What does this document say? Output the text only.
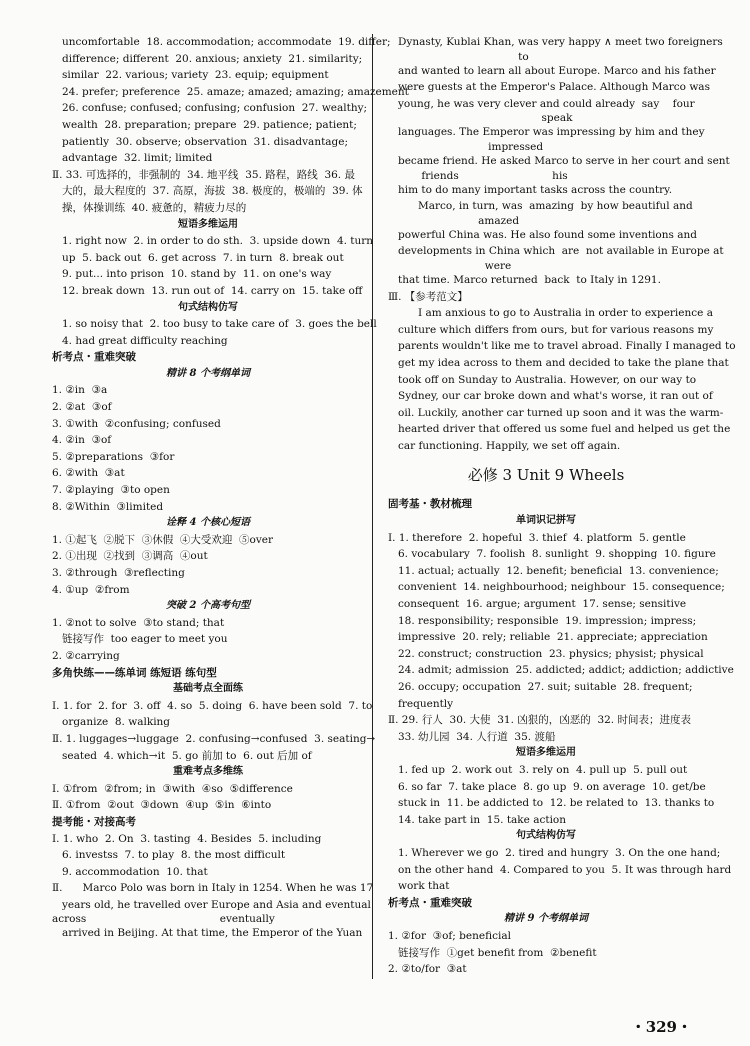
uncomfortable  18. accommodation; accommodate  19. differ;
difference; different  20. anxious; anxiety  21. similarity;
similar  22. various; variety  23. equip; equipment
24. prefer; preference  25. amaze; amazed; amazing; amazement
26. confuse; confused; confusing; confusion  27. wealthy;
wealth  28. preparation; prepare  29. patience; patient;
patiently  30. observe; observation  31. disadvantage;
advantage  32. limit; limited
Ⅱ. 33. 可选择的，非强制的  34. 地平线  35. 路程，路线  36. 最
大的，最大程度的  37. 高原，海拔  38. 极度的，极端的  39. 体
操，体操训练  40. 疲惫的，精疲力尽的
短语多维运用
1. right now  2. in order to do sth.  3. upside down  4. turn
up  5. back out  6. get across  7. in turn  8. break out
9. put... into prison  10. stand by  11. on one's way
12. break down  13. run out of  14. carry on  15. take off
句式结构仿写
1. so noisy that  2. too busy to take care of  3. goes the bell
4. had great difficulty reaching
析考点・重难突破
精讲 8 个考纲单词
1. ②in  ③a
2. ②at  ③of
3. ①with  ②confusing; confused
4. ②in  ③of
5. ②preparations  ③for
6. ②with  ③at
7. ②playing  ③to open
8. ②Within  ③limited
诠释 4 个核心短语
1. ①起飞  ②脱下  ③休假  ④大受欢迎  ⑤over
2. ①出现  ②找到  ③调高  ④out
3. ②through  ③reflecting
4. ①up  ②from
突破 2 个高考句型
1. ②not to solve  ③to stand; that
链接写作  too eager to meet you
2. ②carrying
多角快练——练单词 练短语 练句型
基础考点全面练
Ⅰ. 1. for  2. for  3. off  4. so  5. doing  6. have been sold  7. to
organize  8. walking
Ⅱ. 1. luggages→luggage  2. confusing→confused  3. seating→
seated  4. which→it  5. go 前加 to  6. out 后加 of
重难考点多维练
Ⅰ. ①from  ②from; in  ③with  ④so  ⑤difference
Ⅱ. ①from  ②out  ③down  ④up  ⑤in  ⑥into
提考能・对接高考
Ⅰ. 1. who  2. On  3. tasting  4. Besides  5. including
6. investss  7. to play  8. the most difficult
9. accommodation  10. that
Ⅱ.      Marco Polo was born in Italy in 1254. When he was 17
years old, he travelled over Europe and Asia and eventual
across                                        eventually
arrived in Beijing. At that time, the Emperor of the Yuan
Dynasty, Kublai Khan, was very happy ∧ meet two foreigners
to
and wanted to learn all about Europe. Marco and his father
were guests at the Emperor's Palace. Although Marco was
young, he was very clever and could already  say    four
speak
languages. The Emperor was impressing by him and they
impressed
became friend. He asked Marco to serve in her court and sent
friends                            his
him to do many important tasks across the country.
Marco, in turn, was  amazing  by how beautiful and
amazed
powerful China was. He also found some inventions and
developments in China which  are  not available in Europe at
were
that time. Marco returned  back  to Italy in 1291.
Ⅲ. 【参考范文】
I am anxious to go to Australia in order to experience a
culture which differs from ours, but for various reasons my
parents wouldn't like me to travel abroad. Finally I managed to
get my idea across to them and decided to take the plane that
took off on Sunday to Australia. However, on our way to
Sydney, our car broke down and what's worse, it ran out of
oil. Luckily, another car turned up soon and it was the warm-
hearted driver that offered us some fuel and helped us get the
car functioning. Happily, we set off again.
必修 3 Unit 9 Wheels
固考基・教材梳理
单词识记拼写
Ⅰ. 1. therefore  2. hopeful  3. thief  4. platform  5. gentle
6. vocabulary  7. foolish  8. sunlight  9. shopping  10. figure
11. actual; actually  12. benefit; beneficial  13. convenience;
convenient  14. neighbourhood; neighbour  15. consequence;
consequent  16. argue; argument  17. sense; sensitive
18. responsibility; responsible  19. impression; impress;
impressive  20. rely; reliable  21. appreciate; appreciation
22. construct; construction  23. physics; physist; physical
24. admit; admission  25. addicted; addict; addiction; addictive
26. occupy; occupation  27. suit; suitable  28. frequent;
frequently
Ⅱ. 29. 行人  30. 大使  31. 凶狠的，凶恶的  32. 时间表；进度表
33. 幼儿园  34. 人行道  35. 渡船
短语多维运用
1. fed up  2. work out  3. rely on  4. pull up  5. pull out
6. so far  7. take place  8. go up  9. on average  10. get/be
stuck in  11. be addicted to  12. be related to  13. thanks to
14. take part in  15. take action
句式结构仿写
1. Wherever we go  2. tired and hungry  3. On the one hand;
on the other hand  4. Compared to you  5. It was through hard
work that
析考点・重难突破
精讲 9 个考纲单词
1. ②for  ③of; beneficial
链接写作  ①get benefit from  ②benefit
2. ②to/for  ③at
・329・
